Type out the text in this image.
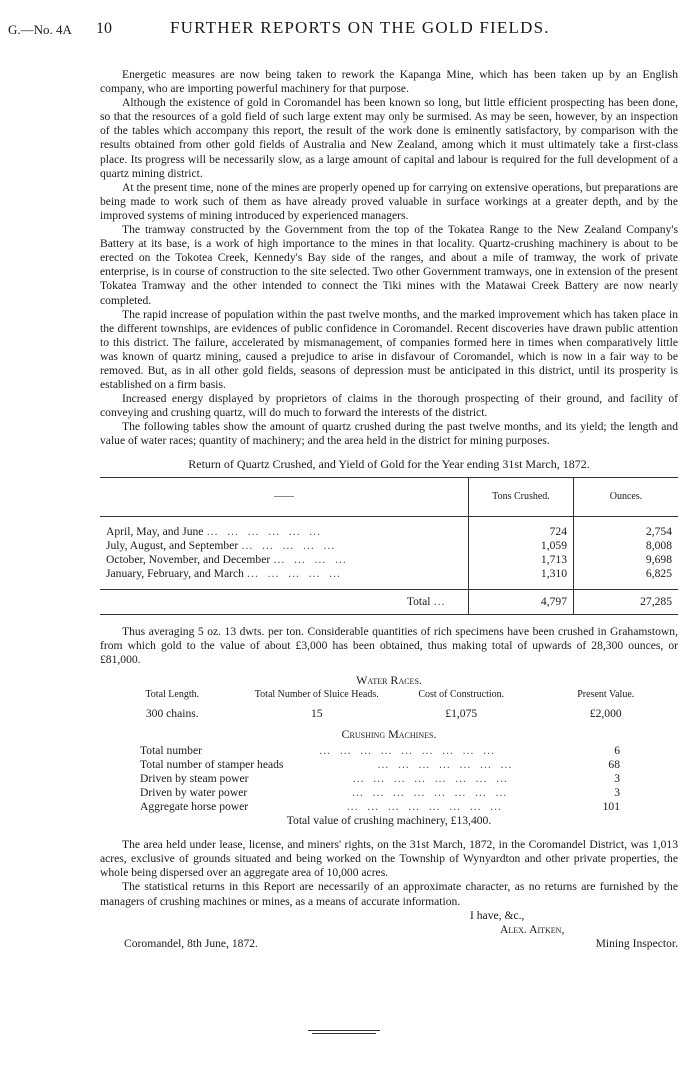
G.—No. 4A 10	FURTHER REPORTS ON THE GOLD FIELDS.

Energetic measures are now being taken to rework the Kapanga Mine, which has been taken up by an English company, who are importing powerful machinery for that purpose.

Although the existence of gold in Coromandel has been known so long, but little efficient prospecting has been done, so that the resources of a gold field of such large extent may only be surmised. As may be seen, however, by an inspection of the tables which accompany this report, the result of the work done is eminently satisfactory, by comparison with the results obtained from other gold fields of Australia and New Zealand, among which it must ultimately take a first-class place. Its progress will be necessarily slow, as a large amount of capital and labour is required for the full development of a quartz mining district.

At the present time, none of the mines are properly opened up for carrying on extensive operations, but preparations are being made to work such of them as have already proved valuable in surface workings at a greater depth, and by the improved systems of mining introduced by experienced managers.

The tramway constructed by the Government from the top of the Tokatea Range to the New Zealand Company's Battery at its base, is a work of high importance to the mines in that locality. Quartz-crushing machinery is about to be erected on the Tokotea Creek, Kennedy's Bay side of the ranges, and about a mile of tramway, the work of private enterprise, is in course of construction to the site selected. Two other Government tramways, one in extension of the present Tokatea Tramway and the other intended to connect the Tiki mines with the Matawai Creek Battery are now nearly completed.

The rapid increase of population within the past twelve months, and the marked improvement which has taken place in the different townships, are evidences of public confidence in Coromandel. Recent discoveries have drawn public attention to this district. The failure, accelerated by mismanagement, of companies formed here in times when comparatively little was known of quartz mining, caused a prejudice to arise in disfavour of Coromandel, which is now in a fair way to be removed. But, as in all other gold fields, seasons of depression must be anticipated in this district, until its prosperity is established on a firm basis.

Increased energy displayed by proprietors of claims in the thorough prospecting of their ground, and facility of conveying and crushing quartz, will do much to forward the interests of the district.

The following tables show the amount of quartz crushed during the past twelve months, and its yield; the length and value of water races; quantity of machinery; and the area held in the district for mining purposes.

Return of Quartz Crushed, and Yield of Gold for the Year ending 31st March, 1872.
——	Tons Crushed.	Ounces.

April, May, and June … … … … … …	724	2,754
July, August, and September … … … … …	1,059	8,008
October, November, and December … … … …	1,713	9,698
January, February, and March … … … … …	1,310	6,825

Total …	4,797	27,285

Thus averaging 5 oz. 13 dwts. per ton. Considerable quantities of rich specimens have been crushed in Grahamstown, from which gold to the value of about £3,000 has been obtained, thus making total of upwards of 28,300 ounces, or £81,000.

Water Races.
Total Length.	Total Number of Sluice Heads.	Cost of Construction.	Present Value.
300 chains.	15	£1,075	£2,000
Crushing Machines.
Total number	… … … … … … … … …	6
Total number of stamper heads	… … … … … … …	68
Driven by steam power	… … … … … … … …	3
Driven by water power	… … … … … … … …	3
Aggregate horse power	… … … … … … … …	101
Total value of crushing machinery, £13,400.

The area held under lease, license, and miners' rights, on the 31st March, 1872, in the Coromandel District, was 1,013 acres, exclusive of grounds situated and being worked on the Township of Wynyardton and other private properties, the whole being dispersed over an aggregate area of 10,000 acres.

The statistical returns in this Report are necessarily of an approximate character, as no returns are furnished by the managers of crushing machines or mines, as a means of accurate information.

I have, &c.,
Alex. Aitken,
Mining Inspector.
Coromandel, 8th June, 1872.
